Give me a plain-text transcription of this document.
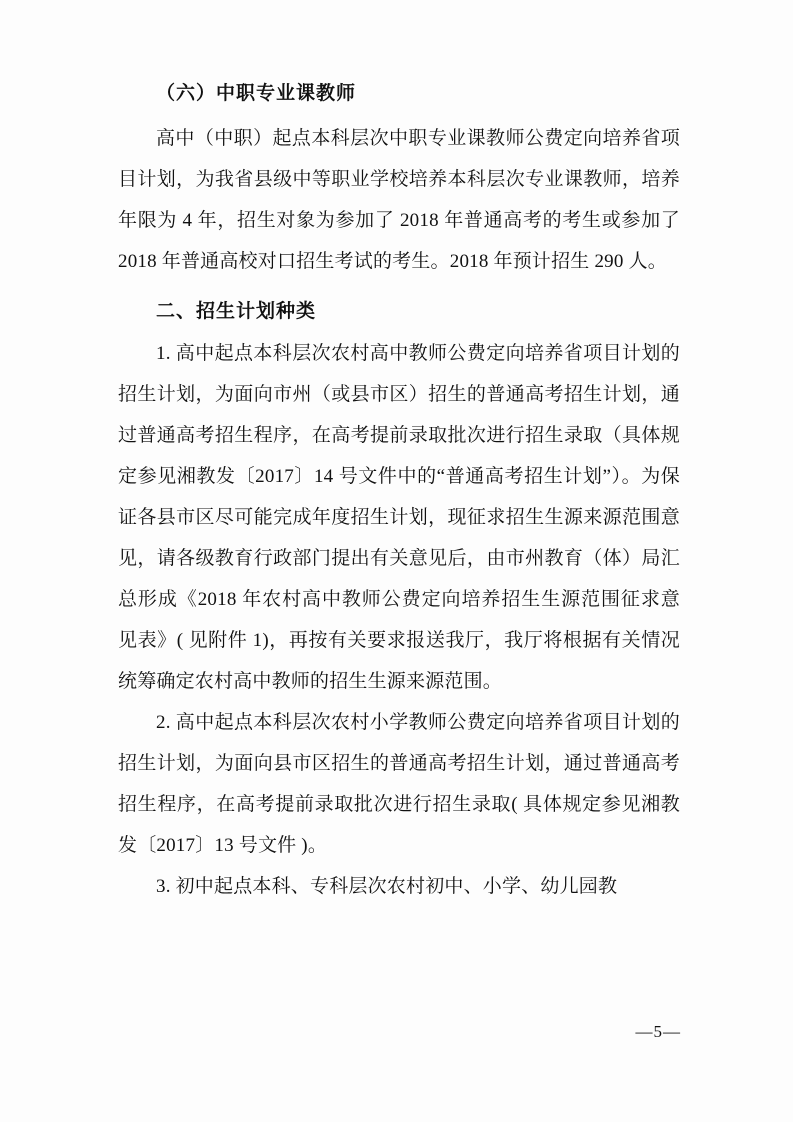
（六）中职专业课教师

高中（中职）起点本科层次中职专业课教师公费定向培养省项目计划，为我省县级中等职业学校培养本科层次专业课教师，培养年限为 4 年，招生对象为参加了 2018 年普通高考的考生或参加了 2018 年普通高校对口招生考试的考生。2018 年预计招生 290 人。

二、招生计划种类

1. 高中起点本科层次农村高中教师公费定向培养省项目计划的招生计划，为面向市州（或县市区）招生的普通高考招生计划，通过普通高考招生程序，在高考提前录取批次进行招生录取（具体规定参见湘教发〔2017〕14 号文件中的“普通高考招生计划”）。为保证各县市区尽可能完成年度招生计划，现征求招生生源来源范围意见，请各级教育行政部门提出有关意见后，由市州教育（体）局汇总形成《2018 年农村高中教师公费定向培养招生生源范围征求意见表》( 见附件 1)，再按有关要求报送我厅，我厅将根据有关情况统筹确定农村高中教师的招生生源来源范围。

2. 高中起点本科层次农村小学教师公费定向培养省项目计划的招生计划，为面向县市区招生的普通高考招生计划，通过普通高考招生程序，在高考提前录取批次进行招生录取( 具体规定参见湘教发〔2017〕13 号文件 )。

3. 初中起点本科、专科层次农村初中、小学、幼儿园教

—5—
